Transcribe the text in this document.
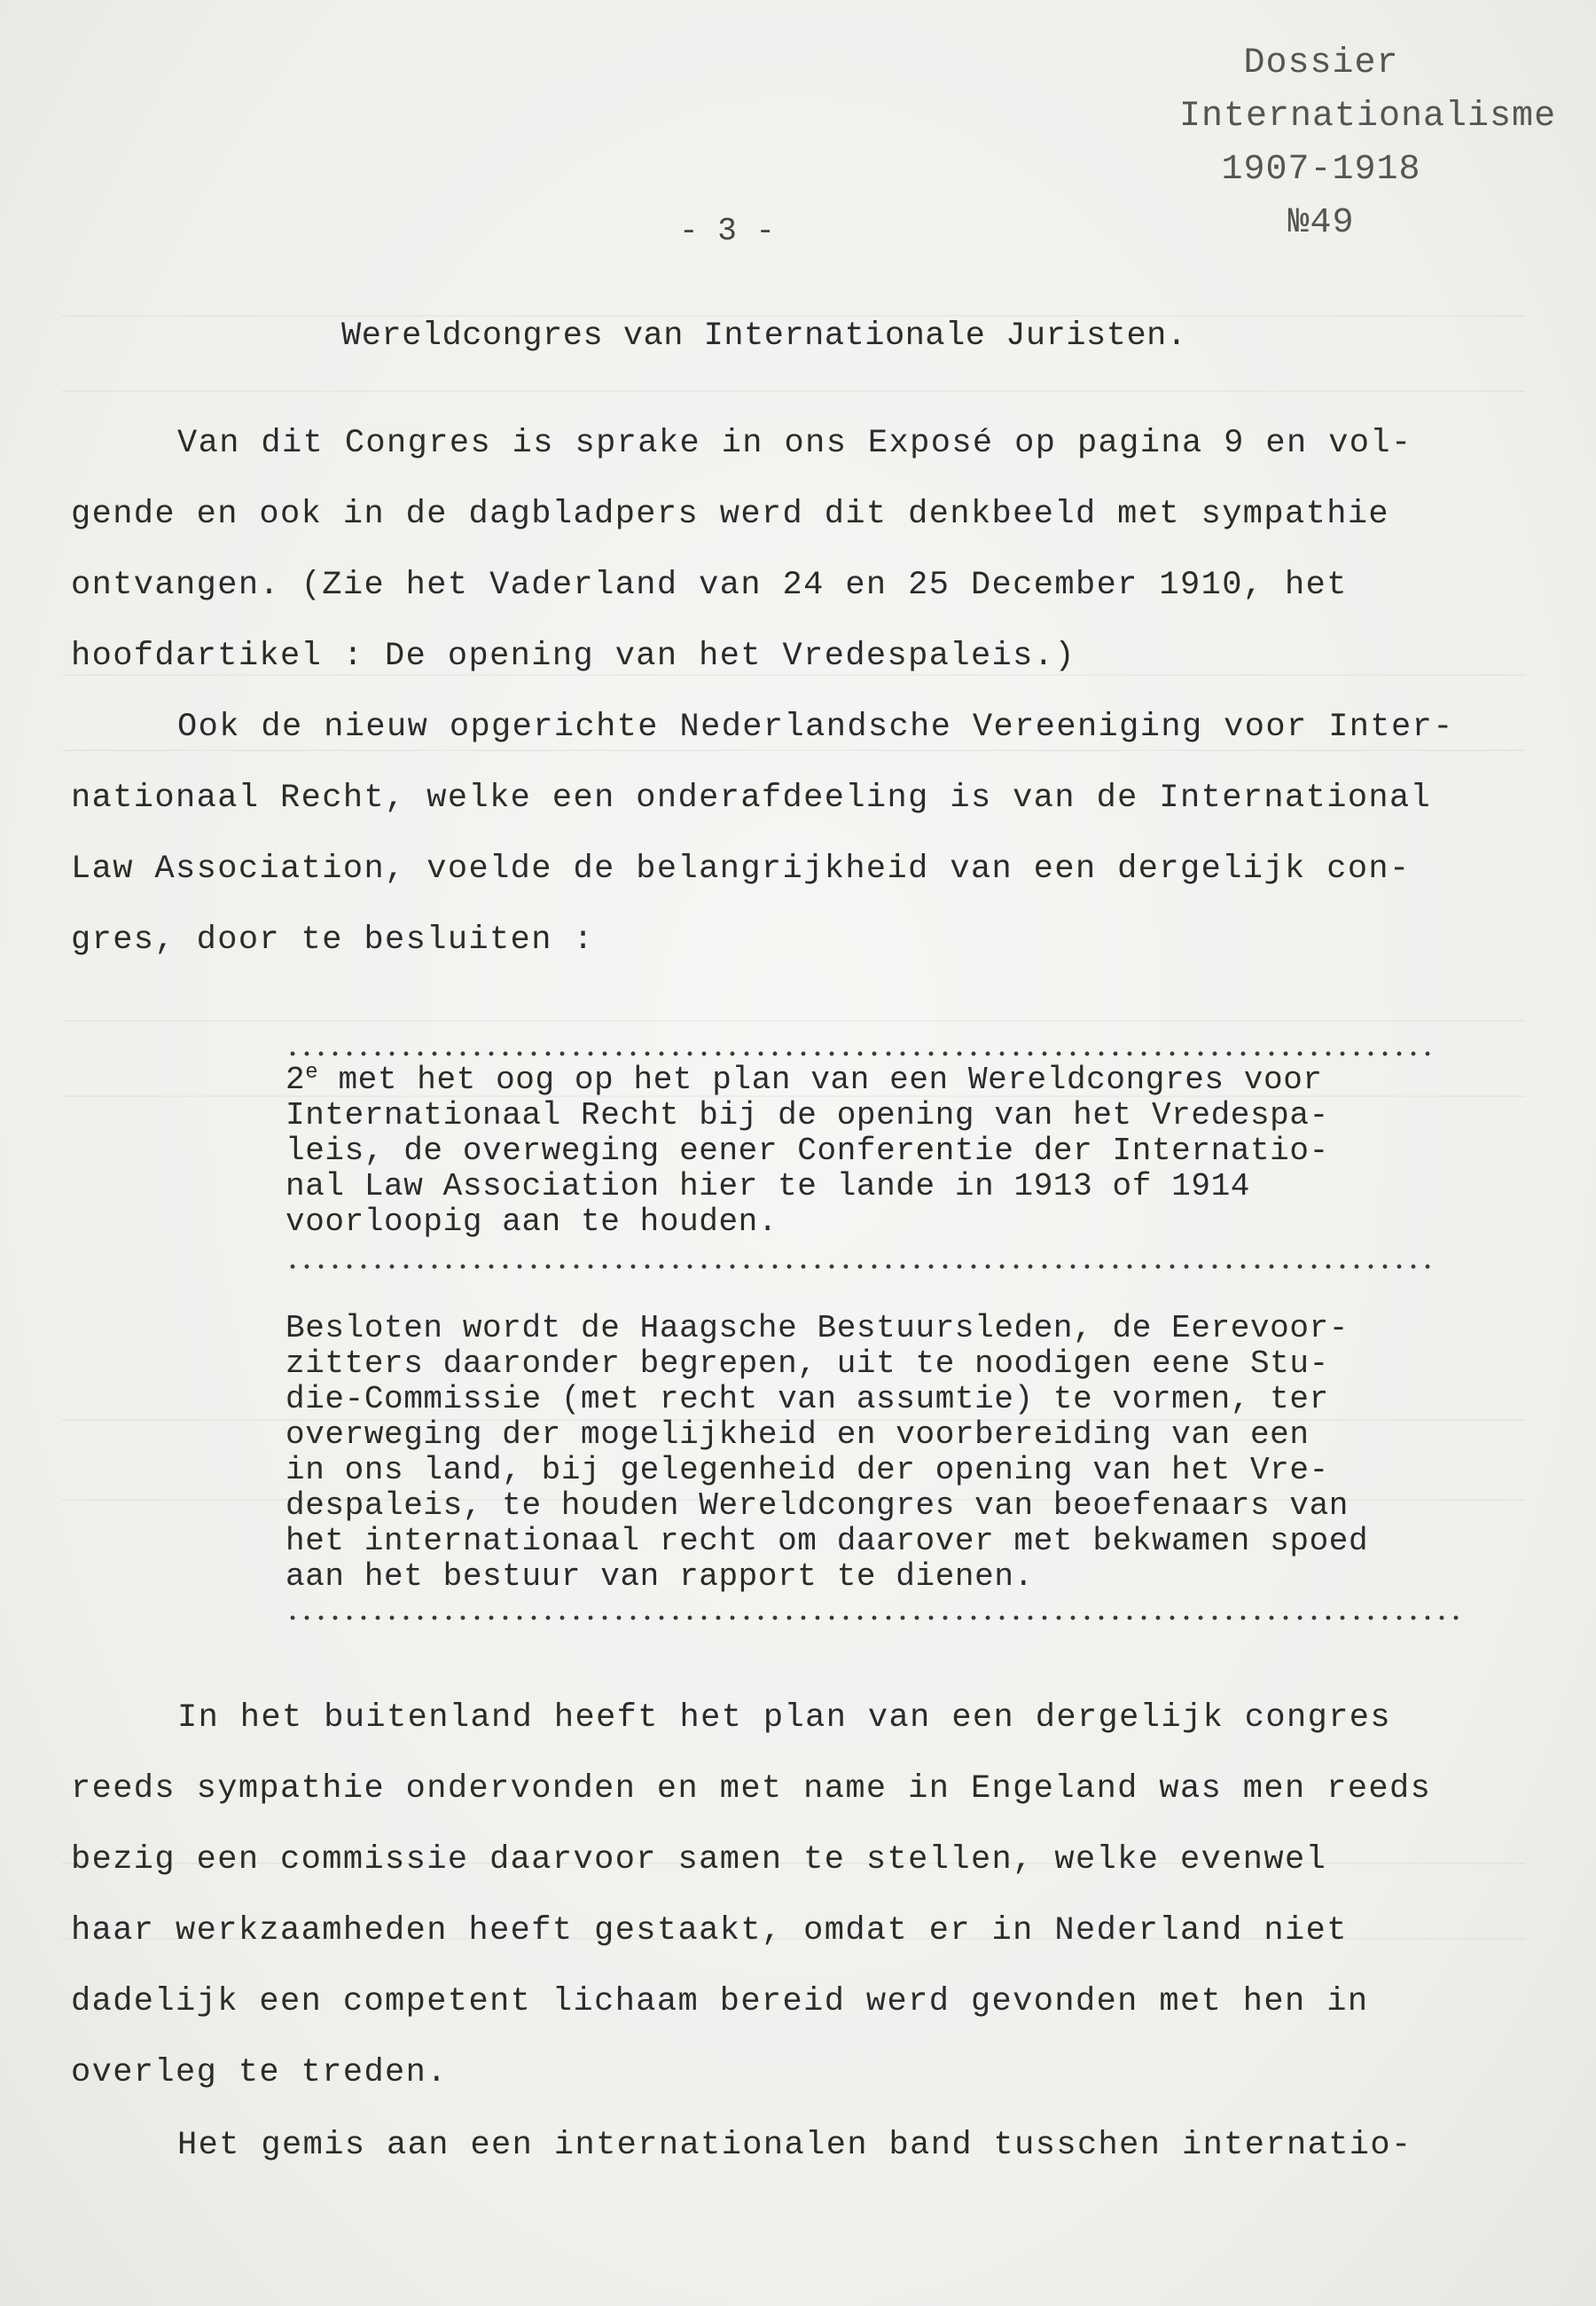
Dossier
Internationalisme
1907-1918
№49
- 3 -
Wereldcongres van Internationale Juristen.
Van dit Congres is sprake in ons Exposé op pagina 9 en vol-
gende en ook in de dagbladpers werd dit denkbeeld met sympathie
ontvangen. (Zie het Vaderland van 24 en 25 December 1910, het
hoofdartikel : De opening van het Vredespaleis.)
Ook de nieuw opgerichte Nederlandsche Vereeniging voor Inter-
nationaal Recht, welke een onderafdeeling is van de International
Law Association, voelde de belangrijkheid van een dergelijk con-
gres, door te besluiten :
2e met het oog op het plan van een Wereldcongres voor
Internationaal Recht bij de opening van het Vredespa-
leis, de overweging eener Conferentie der Internatio-
nal Law Association hier te lande in 1913 of 1914
voorloopig aan te houden.
Besloten wordt de Haagsche Bestuursleden, de Eerevoor-
zitters daaronder begrepen, uit te noodigen eene Stu-
die-Commissie (met recht van assumtie) te vormen, ter
overweging der mogelijkheid en voorbereiding van een
in ons land, bij gelegenheid der opening van het Vre-
despaleis, te houden Wereldcongres van beoefenaars van
het internationaal recht om daarover met bekwamen spoed
aan het bestuur van rapport te dienen.
In het buitenland heeft het plan van een dergelijk congres
reeds sympathie ondervonden en met name in Engeland was men reeds
bezig een commissie daarvoor samen te stellen, welke evenwel
haar werkzaamheden heeft gestaakt, omdat er in Nederland niet
dadelijk een competent lichaam bereid werd gevonden met hen in
overleg te treden.
Het gemis aan een internationalen band tusschen internatio-
